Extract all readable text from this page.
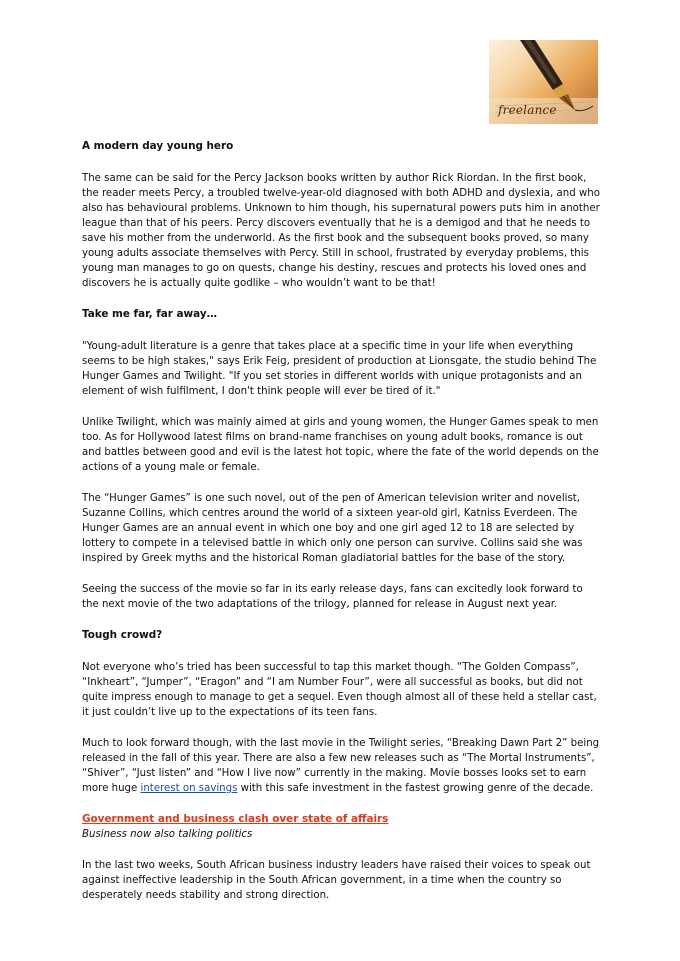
freelance
A modern day young hero

The same can be said for the Percy Jackson books written by author Rick Riordan. In the first book, the reader meets Percy, a troubled twelve-year-old diagnosed with both ADHD and dyslexia, and who also has behavioural problems. Unknown to him though, his supernatural powers puts him in another league than that of his peers. Percy discovers eventually that he is a demigod and that he needs to save his mother from the underworld. As the first book and the subsequent books proved, so many young adults associate themselves with Percy. Still in school, frustrated by everyday problems, this young man manages to go on quests, change his destiny, rescues and protects his loved ones and discovers he is actually quite godlike – who wouldn’t want to be that!

Take me far, far away…

"Young-adult literature is a genre that takes place at a specific time in your life when everything seems to be high stakes," says Erik Feig, president of production at Lionsgate, the studio behind The Hunger Games and Twilight. "If you set stories in different worlds with unique protagonists and an element of wish fulfilment, I don't think people will ever be tired of it."

Unlike Twilight, which was mainly aimed at girls and young women, the Hunger Games speak to men too. As for Hollywood latest films on brand-name franchises on young adult books, romance is out and battles between good and evil is the latest hot topic, where the fate of the world depends on the actions of a young male or female.

The “Hunger Games” is one such novel, out of the pen of American television writer and novelist, Suzanne Collins, which centres around the world of a sixteen year-old girl, Katniss Everdeen. The Hunger Games are an annual event in which one boy and one girl aged 12 to 18 are selected by lottery to compete in a televised battle in which only one person can survive. Collins said she was inspired by Greek myths and the historical Roman gladiatorial battles for the base of the story.

Seeing the success of the movie so far in its early release days, fans can excitedly look forward to the next movie of the two adaptations of the trilogy, planned for release in August next year.

Tough crowd?

Not everyone who’s tried has been successful to tap this market though. “The Golden Compass”, “Inkheart”, “Jumper”, “Eragon” and “I am Number Four”, were all successful as books, but did not quite impress enough to manage to get a sequel. Even though almost all of these held a stellar cast, it just couldn’t live up to the expectations of its teen fans.

Much to look forward though, with the last movie in the Twilight series, “Breaking Dawn Part 2” being released in the fall of this year. There are also a few new releases such as “The Mortal Instruments”, “Shiver”, “Just listen” and “How I live now” currently in the making. Movie bosses looks set to earn more huge interest on savings with this safe investment in the fastest growing genre of the decade.

Government and business clash over state of affairs
Business now also talking politics

In the last two weeks, South African business industry leaders have raised their voices to speak out against ineffective leadership in the South African government, in a time when the country so desperately needs stability and strong direction.
